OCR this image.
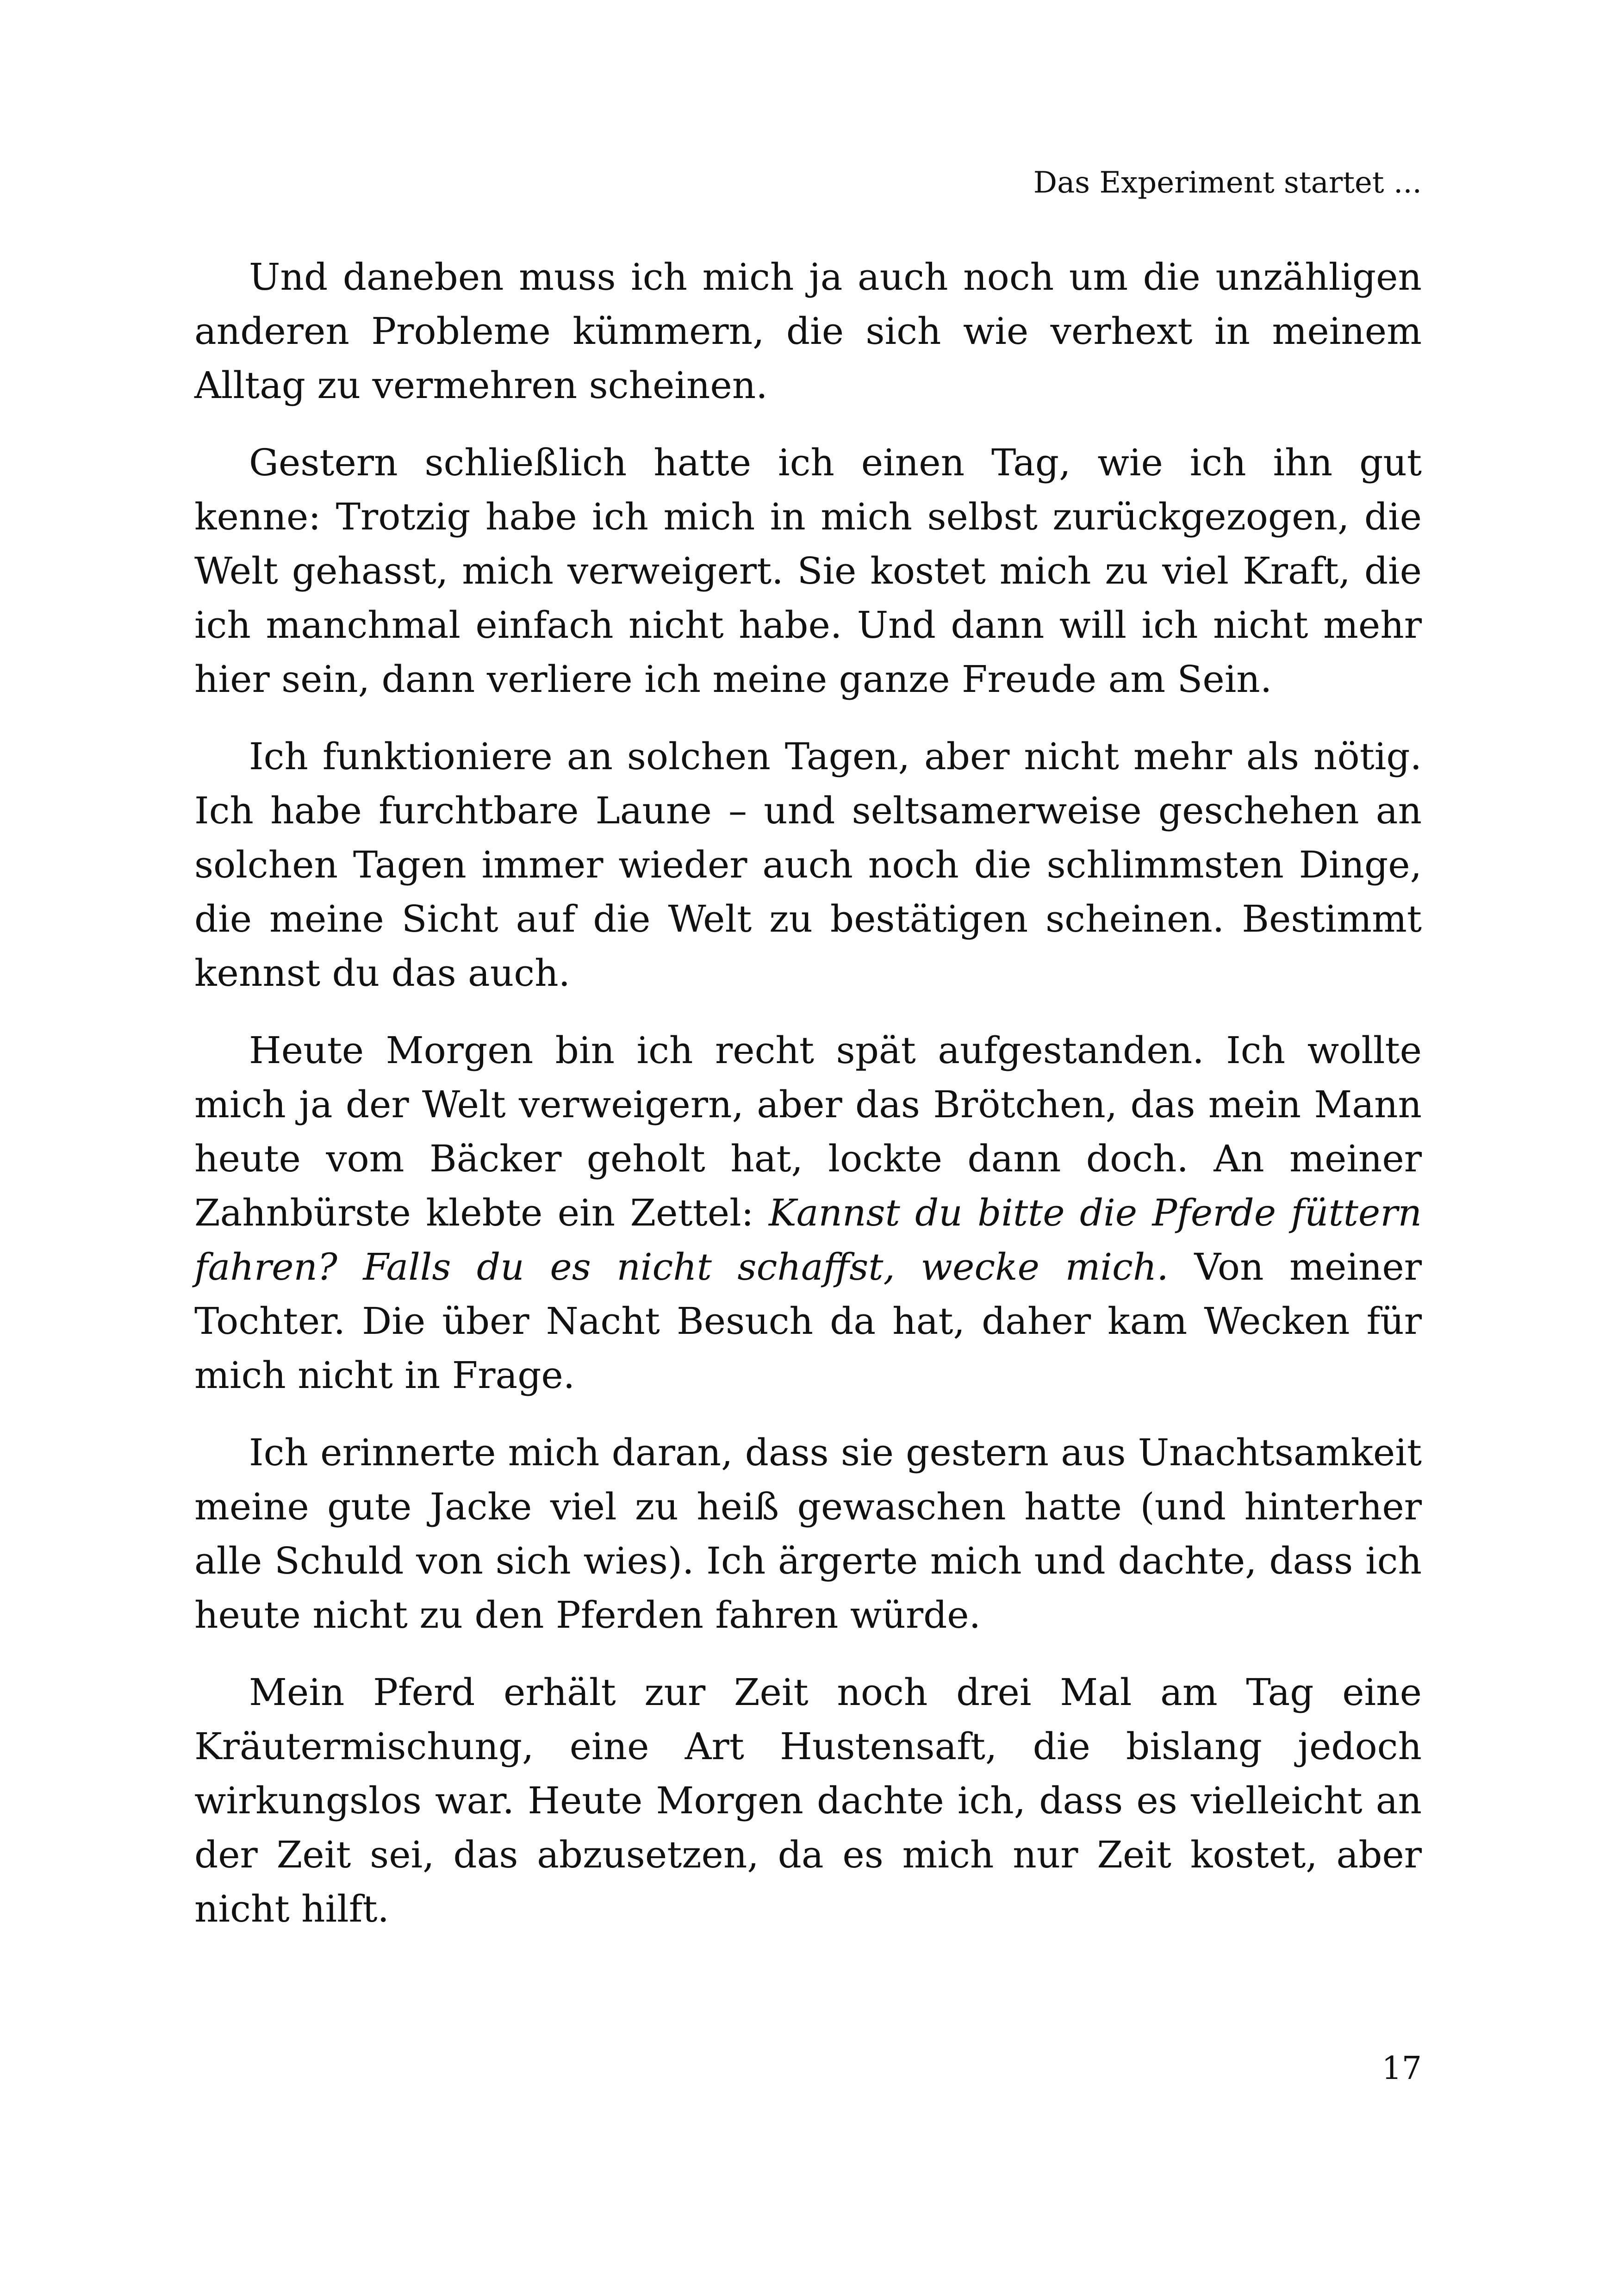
Das Experiment startet ...

Und daneben muss ich mich ja auch noch um die unzähligen anderen Probleme kümmern, die sich wie verhext in meinem Alltag zu vermehren scheinen.

Gestern schließlich hatte ich einen Tag, wie ich ihn gut kenne: Trotzig habe ich mich in mich selbst zurückgezogen, die Welt gehasst, mich verweigert. Sie kostet mich zu viel Kraft, die ich manchmal einfach nicht habe. Und dann will ich nicht mehr hier sein, dann verliere ich meine ganze Freude am Sein.

Ich funktioniere an solchen Tagen, aber nicht mehr als nötig. Ich habe furchtbare Laune – und seltsamerweise geschehen an solchen Tagen immer wieder auch noch die schlimmsten Dinge, die meine Sicht auf die Welt zu bestätigen scheinen. Bestimmt kennst du das auch.

Heute Morgen bin ich recht spät aufgestanden. Ich wollte mich ja der Welt verweigern, aber das Brötchen, das mein Mann heute vom Bäcker geholt hat, lockte dann doch. An meiner Zahnbürste klebte ein Zettel: Kannst du bitte die Pferde füttern fahren? Falls du es nicht schaffst, wecke mich. Von meiner Tochter. Die über Nacht Besuch da hat, daher kam Wecken für mich nicht in Frage.

Ich erinnerte mich daran, dass sie gestern aus Unachtsamkeit meine gute Jacke viel zu heiß gewaschen hatte (und hinterher alle Schuld von sich wies). Ich ärgerte mich und dachte, dass ich heute nicht zu den Pferden fahren würde.

Mein Pferd erhält zur Zeit noch drei Mal am Tag eine Kräutermischung, eine Art Hustensaft, die bislang jedoch wirkungslos war. Heute Morgen dachte ich, dass es vielleicht an der Zeit sei, das abzusetzen, da es mich nur Zeit kostet, aber nicht hilft.

17
